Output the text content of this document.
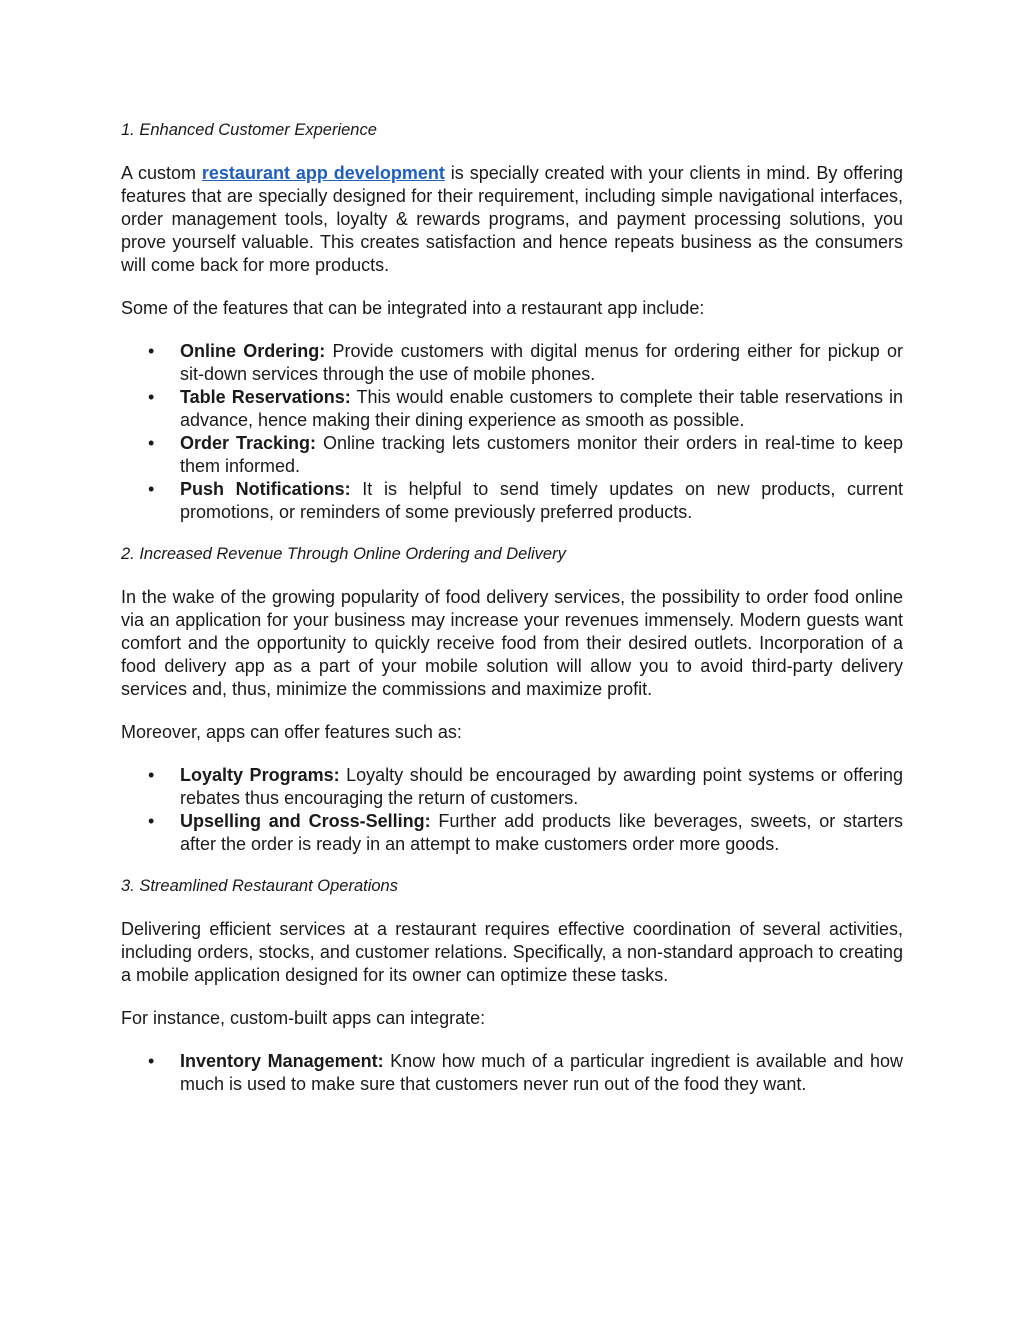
1. Enhanced Customer Experience

A custom restaurant app development is specially created with your clients in mind. By offering features that are specially designed for their requirement, including simple navigational interfaces, order management tools, loyalty & rewards programs, and payment processing solutions, you prove yourself valuable. This creates satisfaction and hence repeats business as the consumers will come back for more products.

Some of the features that can be integrated into a restaurant app include:

• Online Ordering: Provide customers with digital menus for ordering either for pickup or sit-down services through the use of mobile phones.
• Table Reservations: This would enable customers to complete their table reservations in advance, hence making their dining experience as smooth as possible.
• Order Tracking: Online tracking lets customers monitor their orders in real-time to keep them informed.
• Push Notifications: It is helpful to send timely updates on new products, current promotions, or reminders of some previously preferred products.

2. Increased Revenue Through Online Ordering and Delivery

In the wake of the growing popularity of food delivery services, the possibility to order food online via an application for your business may increase your revenues immensely. Modern guests want comfort and the opportunity to quickly receive food from their desired outlets. Incorporation of a food delivery app as a part of your mobile solution will allow you to avoid third-party delivery services and, thus, minimize the commissions and maximize profit.

Moreover, apps can offer features such as:

• Loyalty Programs: Loyalty should be encouraged by awarding point systems or offering rebates thus encouraging the return of customers.
• Upselling and Cross-Selling: Further add products like beverages, sweets, or starters after the order is ready in an attempt to make customers order more goods.

3. Streamlined Restaurant Operations

Delivering efficient services at a restaurant requires effective coordination of several activities, including orders, stocks, and customer relations. Specifically, a non-standard approach to creating a mobile application designed for its owner can optimize these tasks.

For instance, custom-built apps can integrate:

• Inventory Management: Know how much of a particular ingredient is available and how much is used to make sure that customers never run out of the food they want.
